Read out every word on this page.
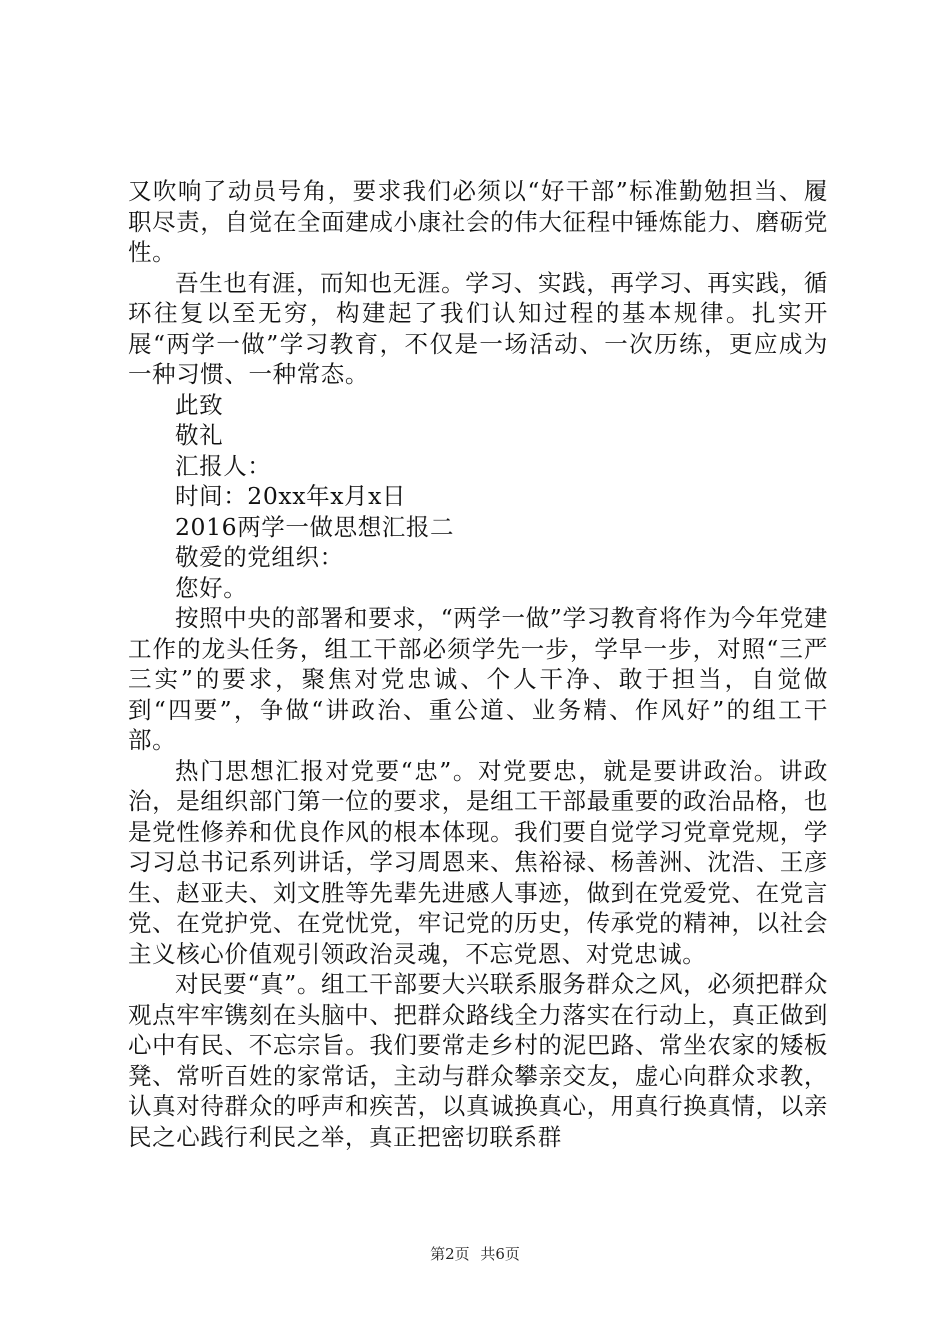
又吹响了动员号角，要求我们必须以“好干部”标准勤勉担当、履职尽责，自觉在全面建成小康社会的伟大征程中锤炼能力、磨砺党性。

吾生也有涯，而知也无涯。学习、实践，再学习、再实践，循环往复以至无穷，构建起了我们认知过程的基本规律。扎实开展“两学一做”学习教育，不仅是一场活动、一次历练，更应成为一种习惯、一种常态。

此致

敬礼

汇报人：

时间：20xx年x月x日

2016两学一做思想汇报二

敬爱的党组织：

您好。

按照中央的部署和要求，“两学一做”学习教育将作为今年党建工作的龙头任务，组工干部必须学先一步，学早一步，对照“三严三实”的要求，聚焦对党忠诚、个人干净、敢于担当，自觉做到“四要”，争做“讲政治、重公道、业务精、作风好”的组工干部。

热门思想汇报对党要“忠”。对党要忠，就是要讲政治。讲政治，是组织部门第一位的要求，是组工干部最重要的政治品格，也是党性修养和优良作风的根本体现。我们要自觉学习党章党规，学习习总书记系列讲话，学习周恩来、焦裕禄、杨善洲、沈浩、王彦生、赵亚夫、刘文胜等先辈先进感人事迹，做到在党爱党、在党言党、在党护党、在党忧党，牢记党的历史，传承党的精神，以社会主义核心价值观引领政治灵魂，不忘党恩、对党忠诚。

对民要“真”。组工干部要大兴联系服务群众之风，必须把群众观点牢牢镌刻在头脑中、把群众路线全力落实在行动上，真正做到心中有民、不忘宗旨。我们要常走乡村的泥巴路、常坐农家的矮板凳、常听百姓的家常话，主动与群众攀亲交友，虚心向群众求教，认真对待群众的呼声和疾苦，以真诚换真心，用真行换真情，以亲民之心践行利民之举，真正把密切联系群

第2页 共6页
